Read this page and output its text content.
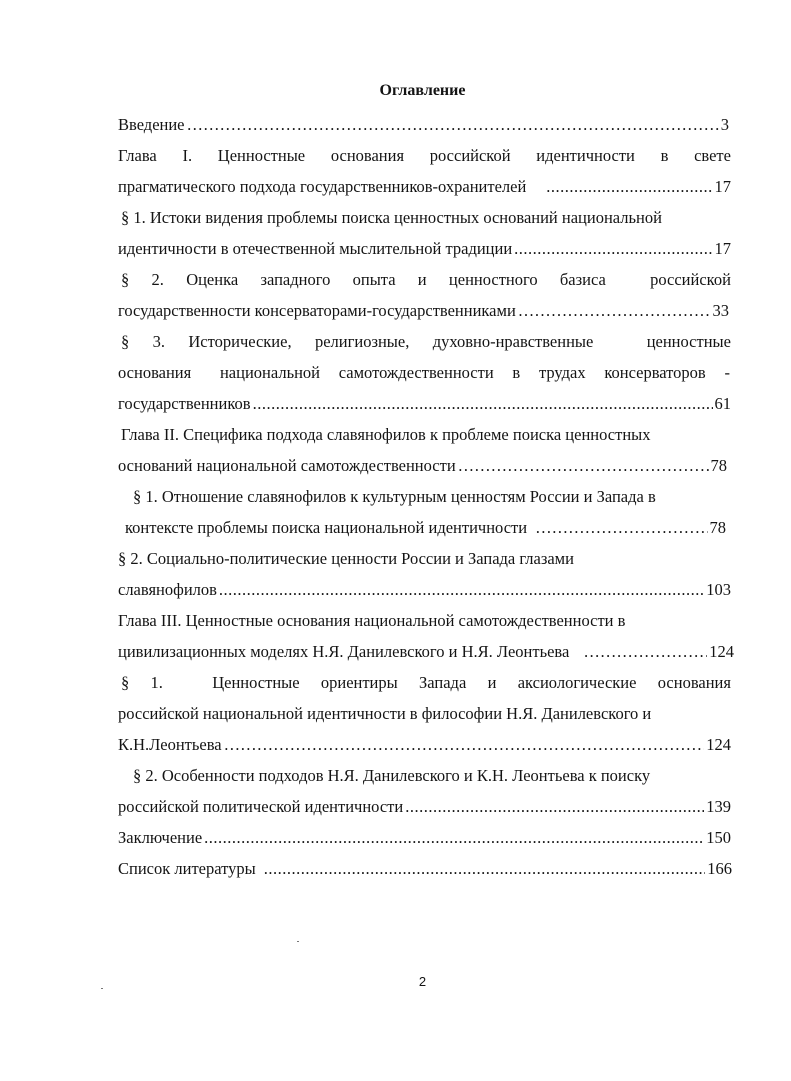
Оглавление
Введение …………………………………………………………………………………………………………………………………………………………	3
Глава I. Ценностные основания российской идентичности в свете
прагматического подхода государственников-охранителей .....	17
§ 1. Истоки видения проблемы поиска ценностных оснований национальной
идентичности в отечественной мыслительной традиции .....	17
§ 2. Оценка западного опыта и ценностного базиса	российской
государственности консерваторами-государственниками …………………………………………………………………………………………………………………………………………………………	33
§ 3. Исторические, религиозные, духовно-нравственные	ценностные
основания национальной самотождественности в трудах консерваторов -
государственников .....	61
Глава II. Специфика подхода славянофилов к проблеме поиска ценностных
оснований национальной самотождественности …………………………………………………………………………………………………………………………………………………………	78
§ 1. Отношение славянофилов к культурным ценностям России и Запада в
контексте проблемы поиска национальной идентичности …………………………………………………………………………………………………………………………………………………………	78
§ 2. Социально-политические ценности России и Запада глазами
славянофилов .....	103
Глава III. Ценностные основания национальной самотождественности в
цивилизационных моделях Н.Я. Данилевского и Н.Я. Леонтьева …………………………………………………………………………………………………………………………………………………………	124
§ 1.	Ценностные ориентиры Запада и аксиологические основания
российской национальной идентичности в философии Н.Я. Данилевского и
К.Н.Леонтьева …………………………………………………………………………………………………………………………………………………………	124
§ 2. Особенности подходов Н.Я. Данилевского и К.Н. Леонтьева к поиску
российской политической идентичности .....	139
Заключение .....	150
Список литературы .....	166
2
